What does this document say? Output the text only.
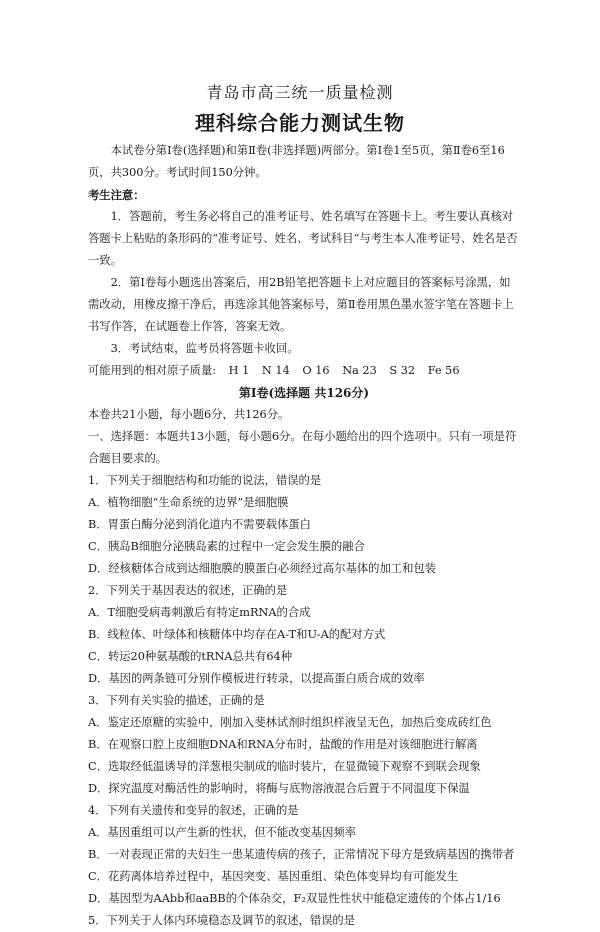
青岛市高三统一质量检测
理科综合能力测试生物

本试卷分第Ⅰ卷(选择题)和第Ⅱ卷(非选择题)两部分。第Ⅰ卷1至5页，第Ⅱ卷6至16页，共300分。考试时间150分钟。

考生注意：

1．答题前，考生务必将自己的准考证号、姓名填写在答题卡上。考生要认真核对答题卡上粘贴的条形码的“准考证号、姓名、考试科目”与考生本人准考证号、姓名是否一致。

2．第Ⅰ卷每小题选出答案后，用2B铅笔把答题卡上对应题目的答案标号涂黑，如需改动，用橡皮擦干净后，再选涂其他答案标号，第Ⅱ卷用黑色墨水签字笔在答题卡上书写作答，在试题卷上作答，答案无效。

3．考试结束，监考员将答题卡收回。

可能用到的相对原子质量: H 1 N 14 O 16 Na 23 S 32 Fe 56

第Ⅰ卷(选择题 共126分)

本卷共21小题，每小题6分，共126分。

一、选择题：本题共13小题，每小题6分。在每小题给出的四个选项中。只有一项是符合题目要求的。

1．下列关于细胞结构和功能的说法，错误的是

A．植物细胞“生命系统的边界”是细胞膜

B．胃蛋白酶分泌到消化道内不需要载体蛋白

C．胰岛B细胞分泌胰岛素的过程中一定会发生膜的融合

D．经核糖体合成到达细胞膜的膜蛋白必须经过高尔基体的加工和包装

2．下列关于基因表达的叙述，正确的是

A．T细胞受病毒刺激后有特定mRNA的合成

B．线粒体、叶绿体和核糖体中均存在A-T和U-A的配对方式

C．转运20种氨基酸的tRNA总共有64种

D．基因的两条链可分别作模板进行转录，以提高蛋白质合成的效率

3．下列有关实验的描述，正确的是

A．鉴定还原糖的实验中，刚加入斐林试剂时组织样液呈无色，加热后变成砖红色

B．在观察口腔上皮细胞DNA和RNA分布时，盐酸的作用是对该细胞进行解离

C．选取经低温诱导的洋葱根尖制成的临时装片，在显微镜下观察不到联会现象

D．探究温度对酶活性的影响时，将酶与底物溶液混合后置于不同温度下保温

4．下列有关遗传和变异的叙述，正确的是

A．基因重组可以产生新的性状，但不能改变基因频率

B．一对表现正常的夫妇生一患某遗传病的孩子，正常情况下母方是致病基因的携带者

C．花药离体培养过程中，基因突变、基因重组、染色体变异均有可能发生

D．基因型为AAbb和aaBB的个体杂交，F₂双显性性状中能稳定遗传的个体占1/16

5．下列关于人体内环境稳态及调节的叙述，错误的是
